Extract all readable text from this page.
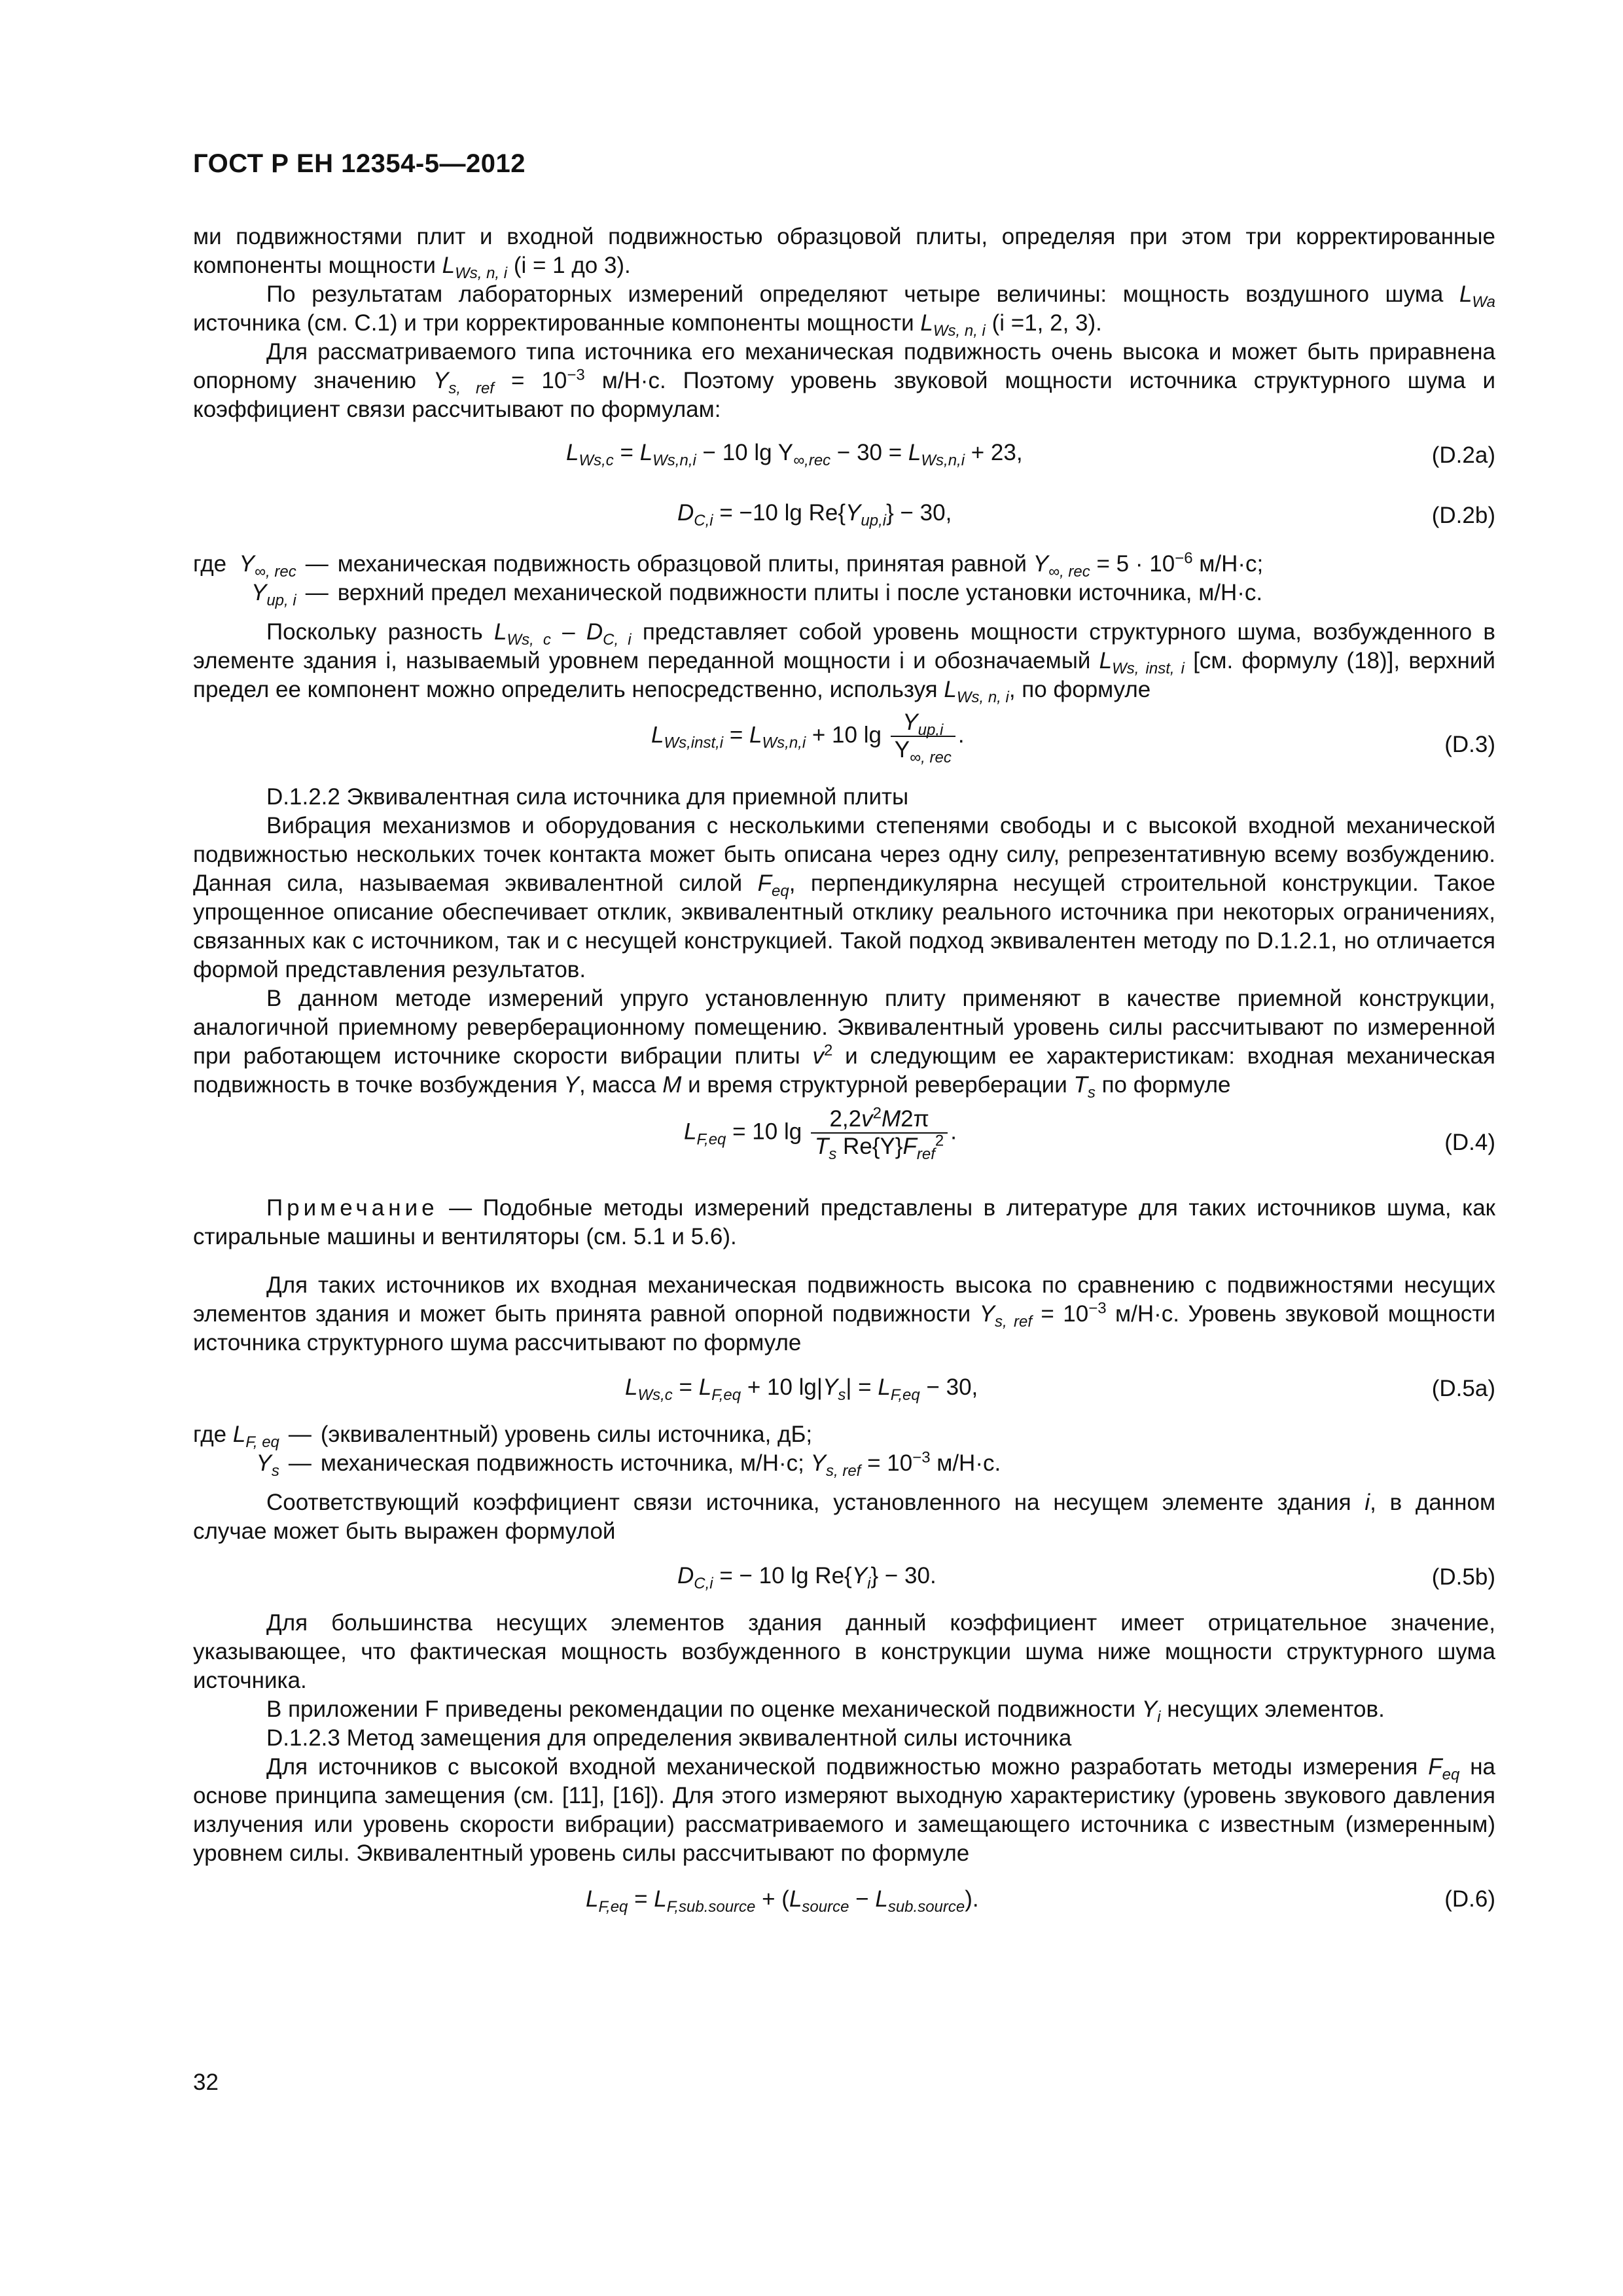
ГОСТ Р ЕН 12354-5—2012

ми подвижностями плит и входной подвижностью образцовой плиты, определяя при этом три корректированные компоненты мощности $L_{Ws, n, i}$ (i = 1 до 3).

По результатам лабораторных измерений определяют четыре величины: мощность воздушного шума $L_{Wa}$ источника (см. С.1) и три корректированные компоненты мощности $L_{Ws, n, i}$ (i =1, 2, 3).

Для рассматриваемого типа источника его механическая подвижность очень высока и может быть приравнена опорному значению $Y_{s, ref} = 10^{-3}$ м/Н·с. Поэтому уровень звуковой мощности источника структурного шума и коэффициент связи рассчитывают по формулам:

$L_{Ws,c} = L_{Ws,n,i} - 10$ $\lg Y_{\infty,rec} - 30 = L_{Ws,n,i} + 23$,	(D.2a)
$D_{C,i} = -10$ $\lg Re\{Y_{up,i}\} - 30$,	(D.2b)
где $Y_{\infty, rec}$ — механическая подвижность образцовой плиты, принятая равной $Y_{\infty, rec} = 5 \cdot 10^{-6}$ м/Н·с;
$Y_{up, i}$ — верхний предел механической подвижности плиты i после установки источника, м/Н·с.

Поскольку разность $L_{Ws, c} - D_{C, i}$ представляет собой уровень мощности структурного шума, возбужденного в элементе здания i, называемый уровнем переданной мощности i и обозначаемый $L_{Ws, inst, i}$ [см. формулу (18)], верхний предел ее компонент можно определить непосредственно, используя $L_{Ws, n, i}$, по формуле

$L_{Ws,inst,i} = L_{Ws,n,i} + 10$ $\lg \frac{Y_{up,i}}{Y_{\infty, rec}}$ .	(D.3)

D.1.2.2 Эквивалентная сила источника для приемной плиты

Вибрация механизмов и оборудования с несколькими степенями свободы и с высокой входной механической подвижностью нескольких точек контакта может быть описана через одну силу, репрезентативную всему возбуждению. Данная сила, называемая эквивалентной силой $F_{eq}$, перпендикулярна несущей строительной конструкции. Такое упрощенное описание обеспечивает отклик, эквивалентный отклику реального источника при некоторых ограничениях, связанных как с источником, так и с несущей конструкцией. Такой подход эквивалентен методу по D.1.2.1, но отличается формой представления результатов.

В данном методе измерений упруго установленную плиту применяют в качестве приемной конструкции, аналогичной приемному реверберационному помещению. Эквивалентный уровень силы рассчитывают по измеренной при работающем источнике скорости вибрации плиты $v^2$ и следующим ее характеристикам: входная механическая подвижность в точке возбуждения Y, масса M и время структурной реверберации $T_s$ по формуле

$L_{F,eq} = 10$ $\lg \frac{2,2v^2M2\pi}{T_s Re\{Y\}F_{ref}^2}$ .	(D.4)

Примечание — Подобные методы измерений представлены в литературе для таких источников шума, как стиральные машины и вентиляторы (см. 5.1 и 5.6).

Для таких источников их входная механическая подвижность высока по сравнению с подвижностями несущих элементов здания и может быть принята равной опорной подвижности $Y_{s, ref} = 10^{-3}$ м/Н·с. Уровень звуковой мощности источника структурного шума рассчитывают по формуле

$L_{Ws,c} = L_{F,eq} + 10$ $\lg|Y_s| = L_{F,eq} - 30$,	(D.5a)
где $L_{F, eq}$ — (эквивалентный) уровень силы источника, дБ;
$Y_s$ — механическая подвижность источника, м/Н·с; $Y_{s, ref} = 10^{-3}$ м/Н·с.

Соответствующий коэффициент связи источника, установленного на несущем элементе здания i, в данном случае может быть выражен формулой

$D_{C,i}$ = − 10 $\lg Re\{Y_i\} - 30$.	(D.5b)

Для большинства несущих элементов здания данный коэффициент имеет отрицательное значение, указывающее, что фактическая мощность возбужденного в конструкции шума ниже мощности структурного шума источника.

В приложении F приведены рекомендации по оценке механической подвижности $Y_i$ несущих элементов.

D.1.2.3 Метод замещения для определения эквивалентной силы источника

Для источников с высокой входной механической подвижностью можно разработать методы измерения $F_{eq}$ на основе принципа замещения (см. [11], [16]). Для этого измеряют выходную характеристику (уровень звукового давления излучения или уровень скорости вибрации) рассматриваемого и замещающего источника с известным (измеренным) уровнем силы. Эквивалентный уровень силы рассчитывают по формуле

$L_{F,eq} = L_{F,sub.source} + (L_{source} - L_{sub.source})$.	(D.6)
32
